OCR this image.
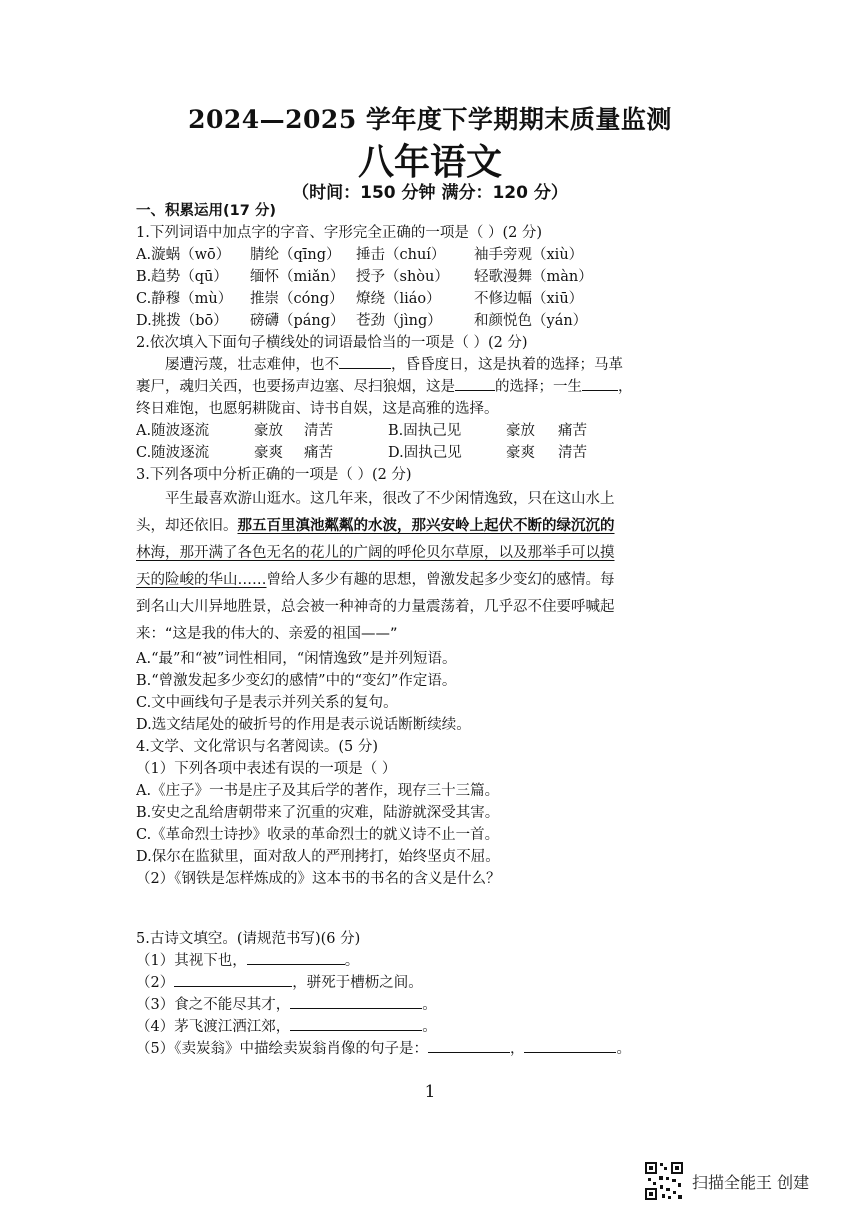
2024—2025 学年度下学期期末质量监测
八年语文
（时间：150 分钟 满分：120 分）
一、积累运用(17 分)
1.下列词语中加点字的字音、字形完全正确的一项是（ ）(2 分)
A.漩蜗（wō）	腈纶（qīng）	捶击（chuí）	袖手旁观（xiù）
B.趋势（qū）	缅怀（miǎn） 授予（shòu）	轻歌漫舞（màn）
C.静穆（mù）	推崇（cóng） 燎绕（liáo）	不修边幅（xiū）
D.挑拨（bō）	磅礴（páng） 苍劲（jìng）	和颜悦色（yán）
2.依次填入下面句子横线处的词语最恰当的一项是（ ）(2 分)
屡遭污蔑，壮志难伸，也不	，昏昏度日，这是执着的选择；马革
裹尸，魂归关西，也要扬声边塞、尽扫狼烟，这是	的选择；一生 ，
终日难饱，也愿躬耕陇亩、诗书自娱，这是高雅的选择。
A.随波逐流	豪放	清苦	B.固执己见	豪放	痛苦
C.随波逐流	豪爽	痛苦	D.固执己见	豪爽	清苦
3.下列各项中分析正确的一项是（ ）(2 分)
平生最喜欢游山逛水。这几年来，很改了不少闲情逸致，只在这山水上
头，却还依旧。那五百里滇池粼粼的水波，那兴安岭上起伏不断的绿沉沉的
林海，那开满了各色无名的花儿的广阔的呼伦贝尔草原，以及那举手可以摸
天的险峻的华山……曾给人多少有趣的思想，曾激发起多少变幻的感情。每
到名山大川异地胜景，总会被一种神奇的力量震荡着，几乎忍不住要呼喊起
来：“这是我的伟大的、亲爱的祖国——”
A.“最”和“被”词性相同，“闲情逸致”是并列短语。
B.“曾激发起多少变幻的感情”中的“变幻”作定语。
C.文中画线句子是表示并列关系的复句。
D.选文结尾处的破折号的作用是表示说话断断续续。
4.文学、文化常识与名著阅读。(5 分)
（1）下列各项中表述有误的一项是（ ）
A.《庄子》一书是庄子及其后学的著作，现存三十三篇。
B.安史之乱给唐朝带来了沉重的灾难，陆游就深受其害。
C.《革命烈士诗抄》收录的革命烈士的就义诗不止一首。
D.保尔在监狱里，面对敌人的严刑拷打，始终坚贞不屈。
（2）《钢铁是怎样炼成的》这本书的书名的含义是什么？
5.古诗文填空。(请规范书写)(6 分)
（1）其视下也，	。
（2）	，骈死于槽枥之间。
（3）食之不能尽其才，	。
（4）茅飞渡江洒江郊，	。
（5）《卖炭翁》中描绘卖炭翁肖像的句子是：	，	。
1
扫描全能王 创建
